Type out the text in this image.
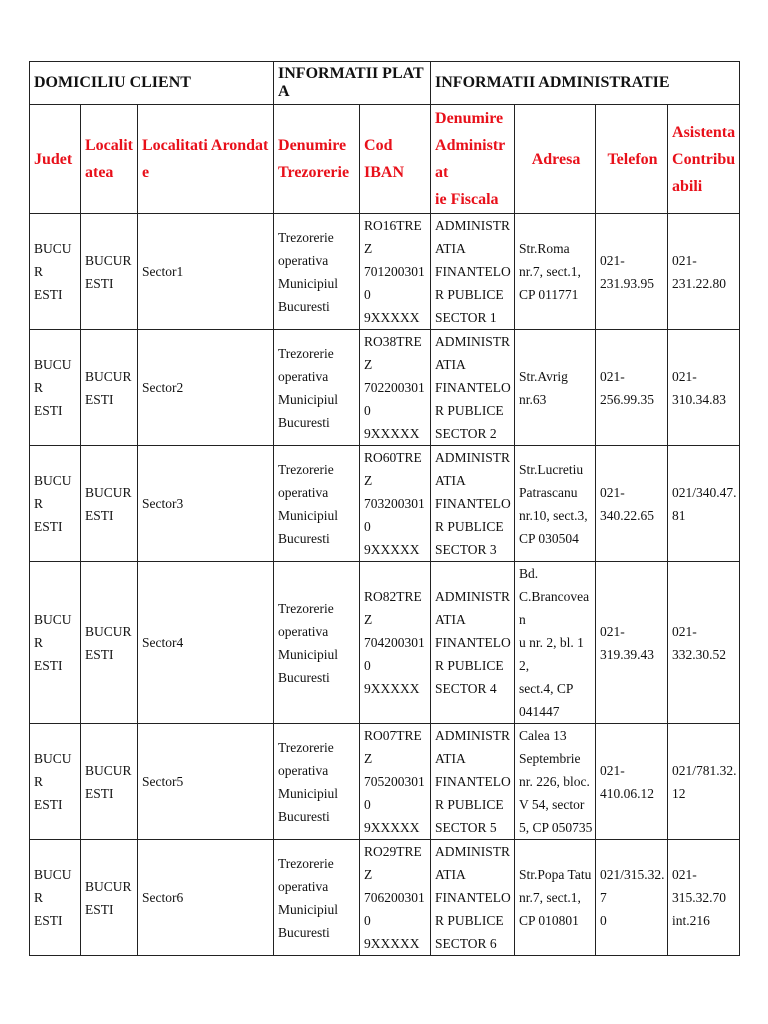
DOMICILIU CLIENT			INFORMATII PLATA		INFORMATII ADMINISTRATIE			

Judet	Localit
atea	Localitati Arondate	Denumire
Trezorerie	Cod
IBAN	Denumire
Administrat
ie Fiscala	Adresa	Telefon	Asistenta
Contribu
abili

BUCUR
ESTI	BUCUR
ESTI	Sector1	Trezorerie
operativa
Municipiul
Bucuresti	RO16TREZ
7012003010
9XXXXX	ADMINISTR
ATIA
FINANTELO
R PUBLICE
SECTOR 1	Str.Roma
nr.7, sect.1,
CP 011771	021-
231.93.95	021-
231.22.80

BUCUR
ESTI	BUCUR
ESTI	Sector2	Trezorerie
operativa
Municipiul
Bucuresti	RO38TREZ
7022003010
9XXXXX	ADMINISTR
ATIA
FINANTELO
R PUBLICE
SECTOR 2	Str.Avrig
nr.63	021-
256.99.35	021-
310.34.83

BUCUR
ESTI	BUCUR
ESTI	Sector3	Trezorerie
operativa
Municipiul
Bucuresti	RO60TREZ
7032003010
9XXXXX	ADMINISTR
ATIA
FINANTELO
R PUBLICE
SECTOR 3	Str.Lucretiu
Patrascanu
nr.10, sect.3,
CP 030504	021-
340.22.65	021/340.47.
81

BUCUR
ESTI	BUCUR
ESTI	Sector4	Trezorerie
operativa
Municipiul
Bucuresti	RO82TREZ
7042003010
9XXXXX	ADMINISTR
ATIA
FINANTELO
R PUBLICE
SECTOR 4	Bd.
C.Brancovean
u nr. 2, bl. 12,
sect.4, CP
041447	021-
319.39.43	021-
332.30.52

BUCUR
ESTI	BUCUR
ESTI	Sector5	Trezorerie
operativa
Municipiul
Bucuresti	RO07TREZ
7052003010
9XXXXX	ADMINISTR
ATIA
FINANTELO
R PUBLICE
SECTOR 5	Calea 13
Septembrie
nr. 226, bloc.
V 54, sector
5, CP 050735	021-
410.06.12	021/781.32.
12

BUCUR
ESTI	BUCUR
ESTI	Sector6	Trezorerie
operativa
Municipiul
Bucuresti	RO29TREZ
7062003010
9XXXXX	ADMINISTR
ATIA
FINANTELO
R PUBLICE
SECTOR 6	Str.Popa Tatu
nr.7, sect.1,
CP 010801	021/315.32.7
0	021-
315.32.70
int.216
